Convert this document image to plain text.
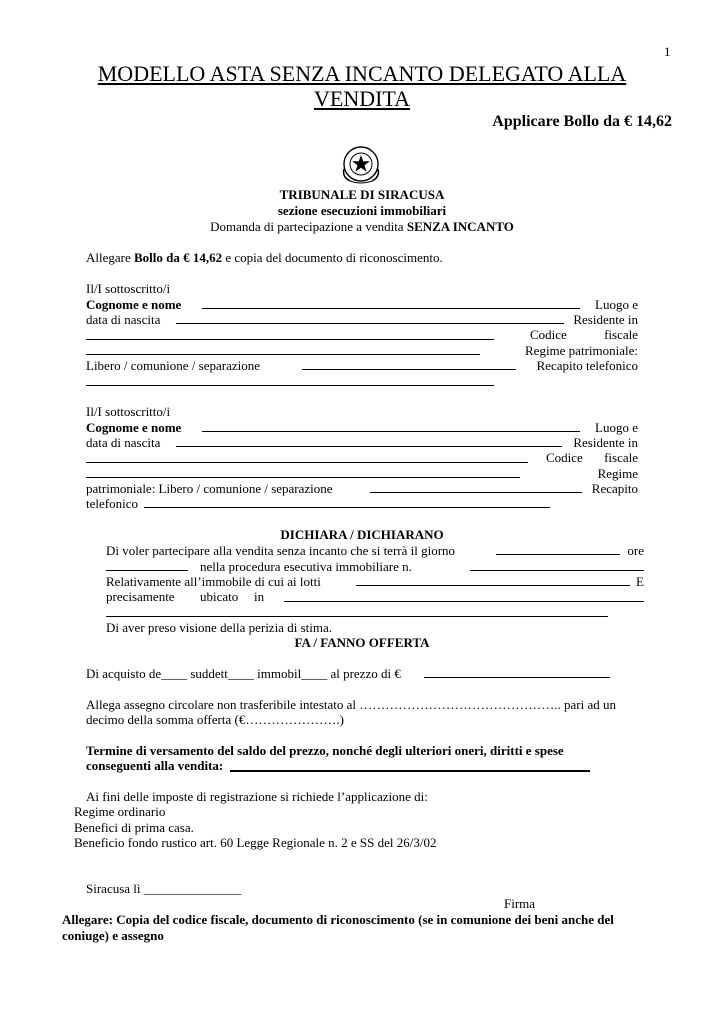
1
MODELLO ASTA SENZA INCANTO DELEGATO ALLA
VENDITA
Applicare Bollo da € 14,62
TRIBUNALE DI SIRACUSA
sezione esecuzioni immobiliari
Domanda di partecipazione a vendita SENZA INCANTO
Allegare Bollo da € 14,62 e copia del documento di riconoscimento.
Il/I sottoscritto/i
Cognome e nome	Luogo e
data di nascita	Residente in
Codice	fiscale
Regime patrimoniale:
Libero / comunione / separazione	Recapito telefonico
Il/I sottoscritto/i
Cognome e nome	Luogo e
data di nascita	Residente in
Codice fiscale
Regime
patrimoniale: Libero / comunione / separazione	Recapito
telefonico
DICHIARA / DICHIARANO
Di voler partecipare alla vendita senza incanto che si terrà il giorno	ore
nella procedura esecutiva immobiliare n.
Relativamente all’immobile di cui ai lotti	E
precisamente ubicato in
Di aver preso visione della perizia di stima.
FA / FANNO OFFERTA
Di acquisto de____ suddett____ immobil____ al prezzo di €
Allega assegno circolare non trasferibile intestato al ……………………………………….. pari ad un
decimo della somma offerta (€………………….)
Termine di versamento del saldo del prezzo, nonché degli ulteriori oneri, diritti e spese
conseguenti alla vendita:
Ai fini delle imposte di registrazione si richiede l’applicazione di:
Regime ordinario
Benefici di prima casa.
Beneficio fondo rustico art. 60 Legge Regionale n. 2 e SS del 26/3/02
Siracusa lì _______________
Firma
Allegare: Copia del codice fiscale, documento di riconoscimento (se in comunione dei beni anche del
coniuge) e assegno
